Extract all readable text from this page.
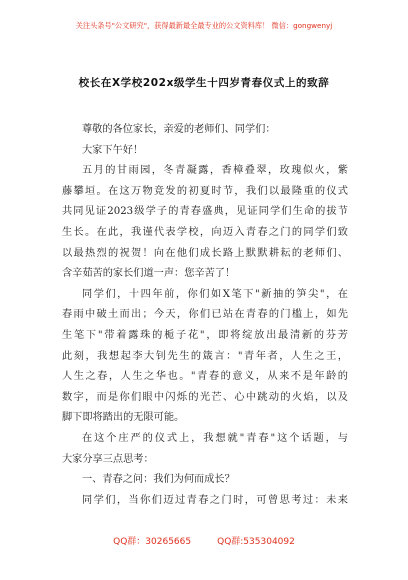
关注头条号"公文研究"，获得最新最全最专业的公文资料库！ 微信：gongwenyj
校长在X学校202x级学生十四岁青春仪式上的致辞
尊敬的各位家长，亲爱的老师们、同学们：
大家下午好！
五月的甘雨园，冬青凝露，香樟叠翠，玫瑰似火，紫
藤攀垣。在这万物竞发的初夏时节，我们以最隆重的仪式
共同见证2023级学子的青春盛典，见证同学们生命的拔节
生长。在此，我谨代表学校，向迈入青春之门的同学们致
以最热烈的祝贺！向在他们成长路上默默耕耘的老师们、
含辛茹苦的家长们道一声：您辛苦了！
同学们，十四年前，你们如X笔下"新抽的笋尖"，在
春雨中破土而出；今天，你们已站在青春的门槛上，如先
生笔下"带着露珠的栀子花"，即将绽放出最清新的芬芳
此刻，我想起李大钊先生的箴言："青年者，人生之王，
人生之春，人生之华也。"青春的意义，从来不是年龄的
数字，而是你们眼中闪烁的光芒、心中跳动的火焰，以及
脚下即将踏出的无限可能。
在这个庄严的仪式上，我想就"青春"这个话题，与
大家分享三点思考：
一、青春之问：我们为何而成长？
同学们，当你们迈过青春之门时，可曾思考过：未来
QQ群：30265665	QQ群:535304092
